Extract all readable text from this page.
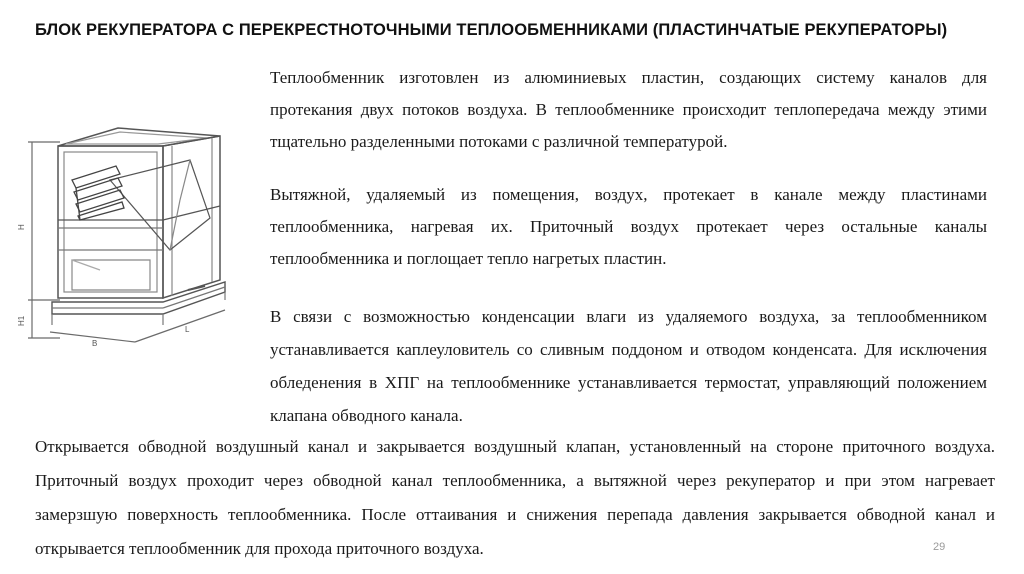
БЛОК РЕКУПЕРАТОРА С ПЕРЕКРЕСТНОТОЧНЫМИ ТЕПЛООБМЕННИКАМИ (ПЛАСТИНЧАТЫЕ РЕКУПЕРАТОРЫ)
H
H1
B
L

Теплообменник изготовлен из алюминиевых пластин, создающих систему каналов для протекания двух потоков воздуха. В теплообменнике происходит теплопередача между этими тщательно разделенными потоками с различной температурой.

Вытяжной, удаляемый из помещения, воздух, протекает в канале между пластинами теплообменника, нагревая их. Приточный воздух протекает через остальные каналы теплообменника и поглощает тепло нагретых пластин.

В связи с возможностью конденсации влаги из удаляемого воздуха, за теплообменником устанавливается каплеуловитель со сливным поддоном и отводом конденсата. Для исключения обледенения в ХПГ на теплообменнике устанавливается термостат, управляющий положением клапана обводного канала.

Открывается обводной воздушный канал и закрывается воздушный клапан, установленный на стороне приточного воздуха. Приточный воздух проходит через обводной канал теплообменника, а вытяжной через рекуператор и при этом нагревает замерзшую поверхность теплообменника. После оттаивания и снижения перепада давления закрывается обводной канал и открывается теплообменник для прохода приточного воздуха.	29
